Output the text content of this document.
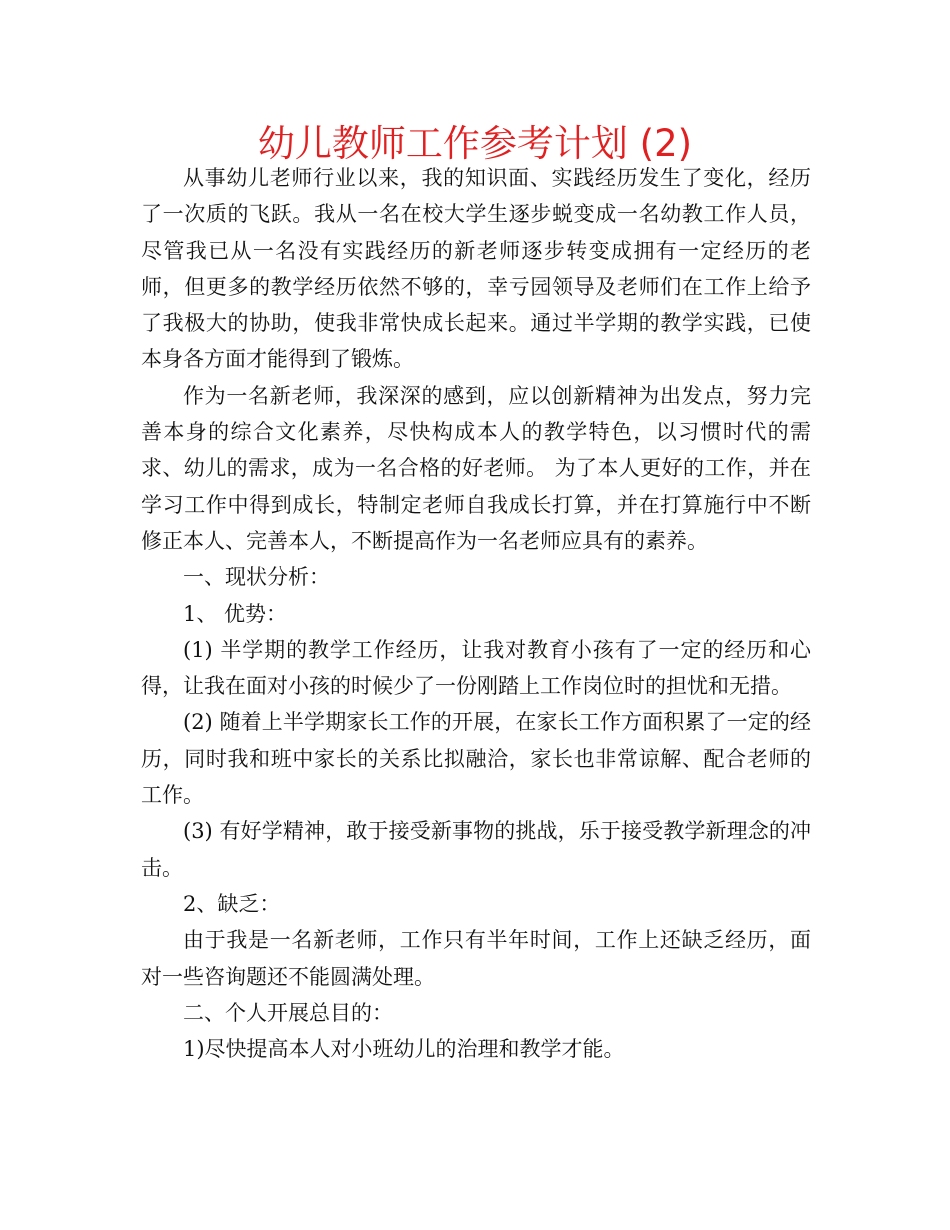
幼儿教师工作参考计划 (2)

从事幼儿老师行业以来，我的知识面、实践经历发生了变化，经历了一次质的飞跃。我从一名在校大学生逐步蜕变成一名幼教工作人员，尽管我已从一名没有实践经历的新老师逐步转变成拥有一定经历的老师，但更多的教学经历依然不够的，幸亏园领导及老师们在工作上给予了我极大的协助，使我非常快成长起来。通过半学期的教学实践，已使本身各方面才能得到了锻炼。

作为一名新老师，我深深的感到，应以创新精神为出发点，努力完善本身的综合文化素养，尽快构成本人的教学特色，以习惯时代的需求、幼儿的需求，成为一名合格的好老师。 为了本人更好的工作，并在学习工作中得到成长，特制定老师自我成长打算，并在打算施行中不断修正本人、完善本人，不断提高作为一名老师应具有的素养。

一、现状分析：

1、 优势：

(1) 半学期的教学工作经历，让我对教育小孩有了一定的经历和心得，让我在面对小孩的时候少了一份刚踏上工作岗位时的担忧和无措。

(2) 随着上半学期家长工作的开展，在家长工作方面积累了一定的经历，同时我和班中家长的关系比拟融洽，家长也非常谅解、配合老师的工作。

(3) 有好学精神，敢于接受新事物的挑战，乐于接受教学新理念的冲击。

2、缺乏：

由于我是一名新老师，工作只有半年时间，工作上还缺乏经历，面对一些咨询题还不能圆满处理。

二、个人开展总目的：

1)尽快提高本人对小班幼儿的治理和教学才能。
